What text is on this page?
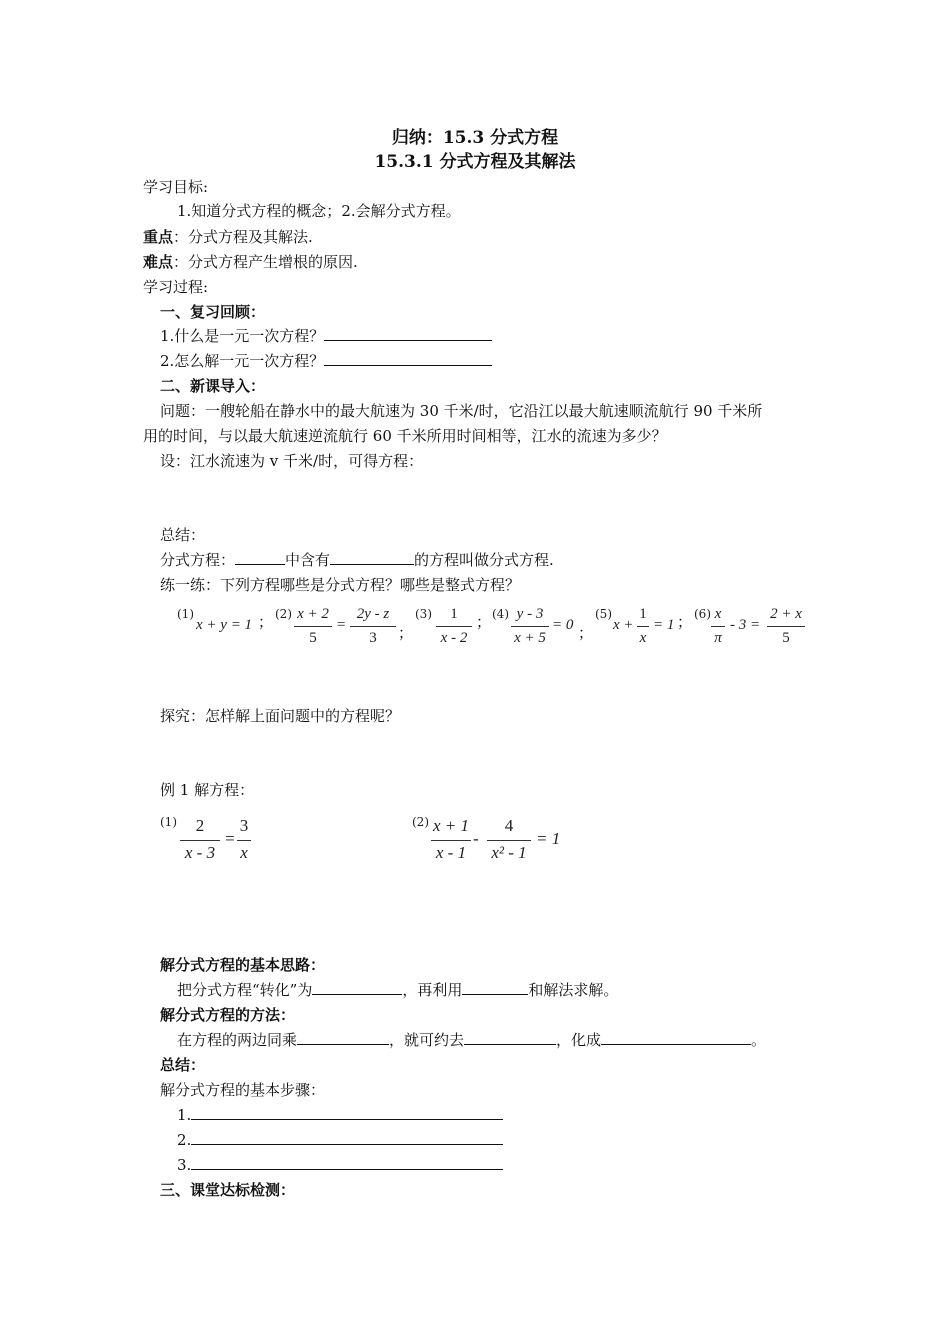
归纳：15.3 分式方程
15.3.1 分式方程及其解法
学习目标:
1.知道分式方程的概念；2.会解分式方程。
重点：分式方程及其解法.
难点：分式方程产生增根的原因.
学习过程:
一、复习回顾：
1.什么是一元一次方程？
2.怎么解一元一次方程？
二、新课导入：
问题：一艘轮船在静水中的最大航速为 30 千米/时，它沿江以最大航速顺流航行 90 千米所
用的时间，与以最大航速逆流航行 60 千米所用时间相等，江水的流速为多少？
设：江水流速为 v 千米/时，可得方程：
总结：
分式方程：	中含有	的方程叫做分式方程.
练一练：下列方程哪些是分式方程？哪些是整式方程？
(1)
x + y = 1 ； (2) x + 2
5
=
2y - z
3	；
(3)	1
x - 2
； (4) y - 3
x + 5
= 0 ；
(5)
x +
1
x
= 1 ； (6) x
π
- 3 =
2 + x
5
探究：怎样解上面问题中的方程呢？
例 1 解方程：
(1)	2
x - 3
=
3
x
(2) x + 1
x - 1
-
4
x² - 1
= 1
解分式方程的基本思路：
把分式方程“转化”为	，再利用	和解法求解。
解分式方程的方法：
在方程的两边同乘	，就可约去	，化成	。
总结：
解分式方程的基本步骤：
1.
2.
3.
三、课堂达标检测：
